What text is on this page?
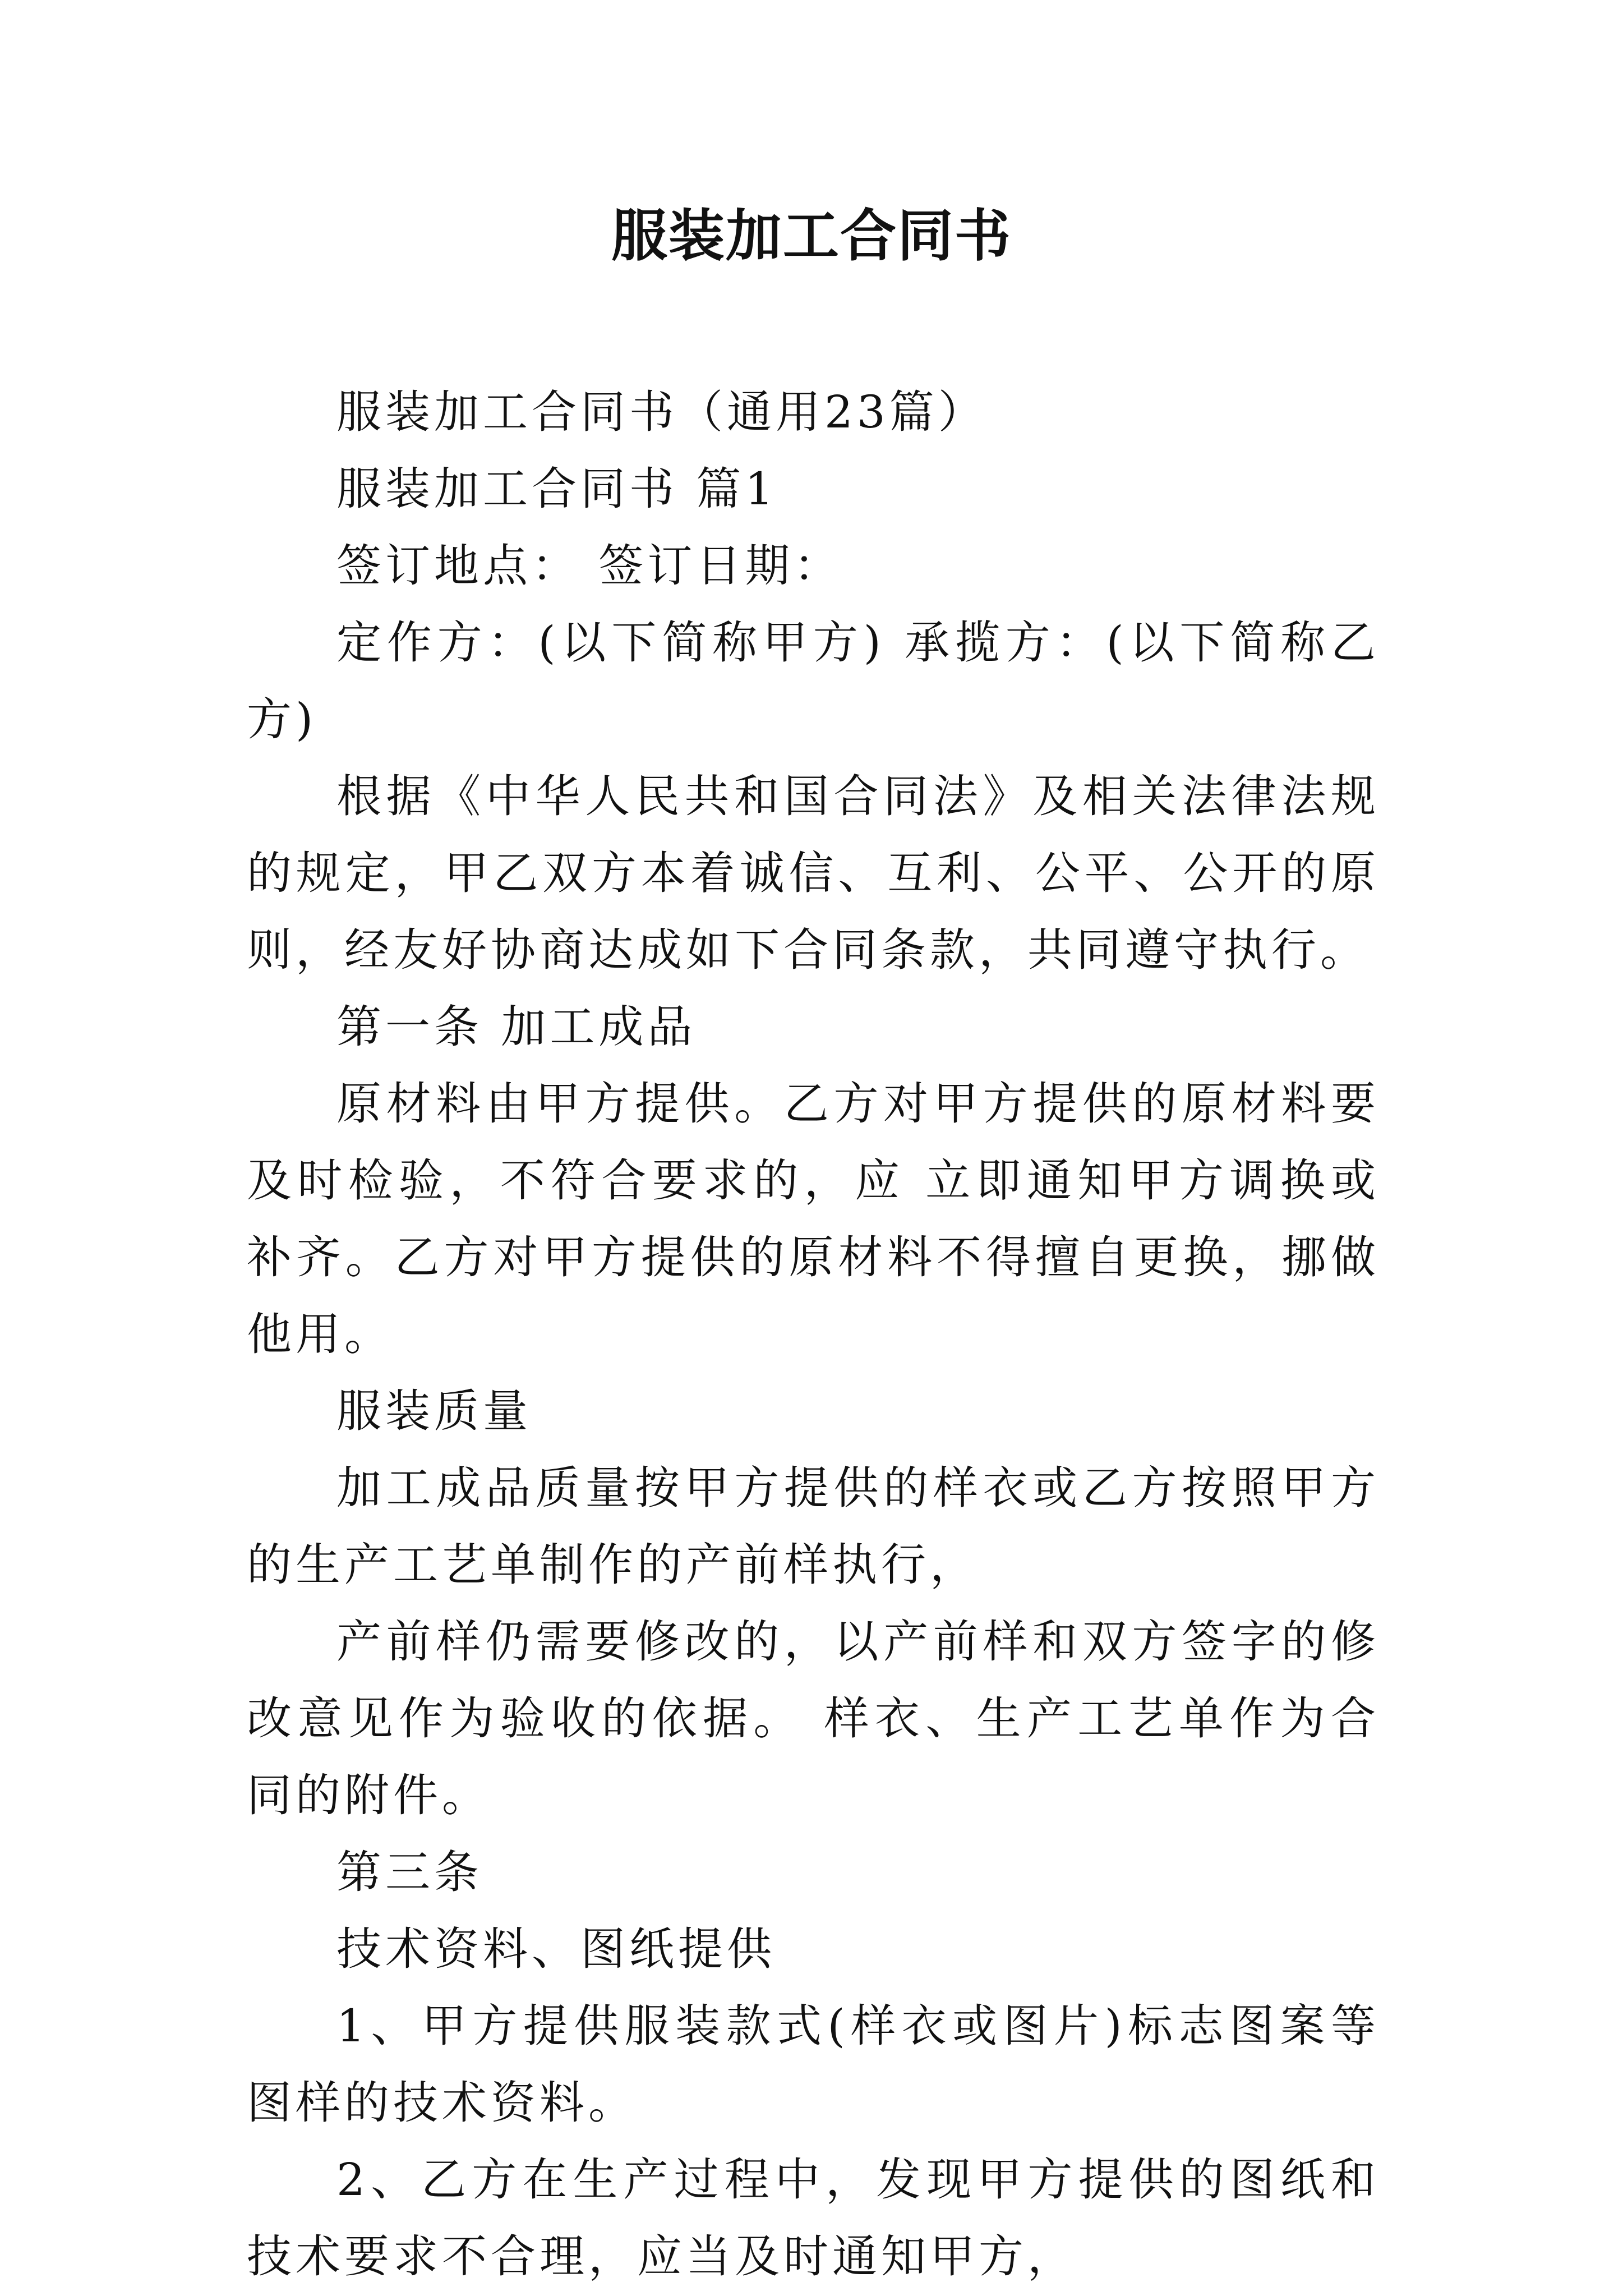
服装加工合同书

服装加工合同书（通用23篇）

服装加工合同书 篇1

签订地点： 签订日期：

定作方：(以下简称甲方) 承揽方：(以下简称乙方)

根据《中华人民共和国合同法》及相关法律法规的规定，甲乙双方本着诚信、互利、公平、公开的原则，经友好协商达成如下合同条款，共同遵守执行。

第一条 加工成品

原材料由甲方提供。乙方对甲方提供的原材料要及时检验，不符合要求的，应 立即通知甲方调换或补齐。乙方对甲方提供的原材料不得擅自更换，挪做他用。

服装质量

加工成品质量按甲方提供的样衣或乙方按照甲方的生产工艺单制作的产前样执行，

产前样仍需要修改的，以产前样和双方签字的修改意见作为验收的依据。 样衣、生产工艺单作为合同的附件。

第三条

技术资料、图纸提供

1、甲方提供服装款式(样衣或图片)标志图案等图样的技术资料。

2、乙方在生产过程中，发现甲方提供的图纸和技术要求不合理，应当及时通知甲方，
